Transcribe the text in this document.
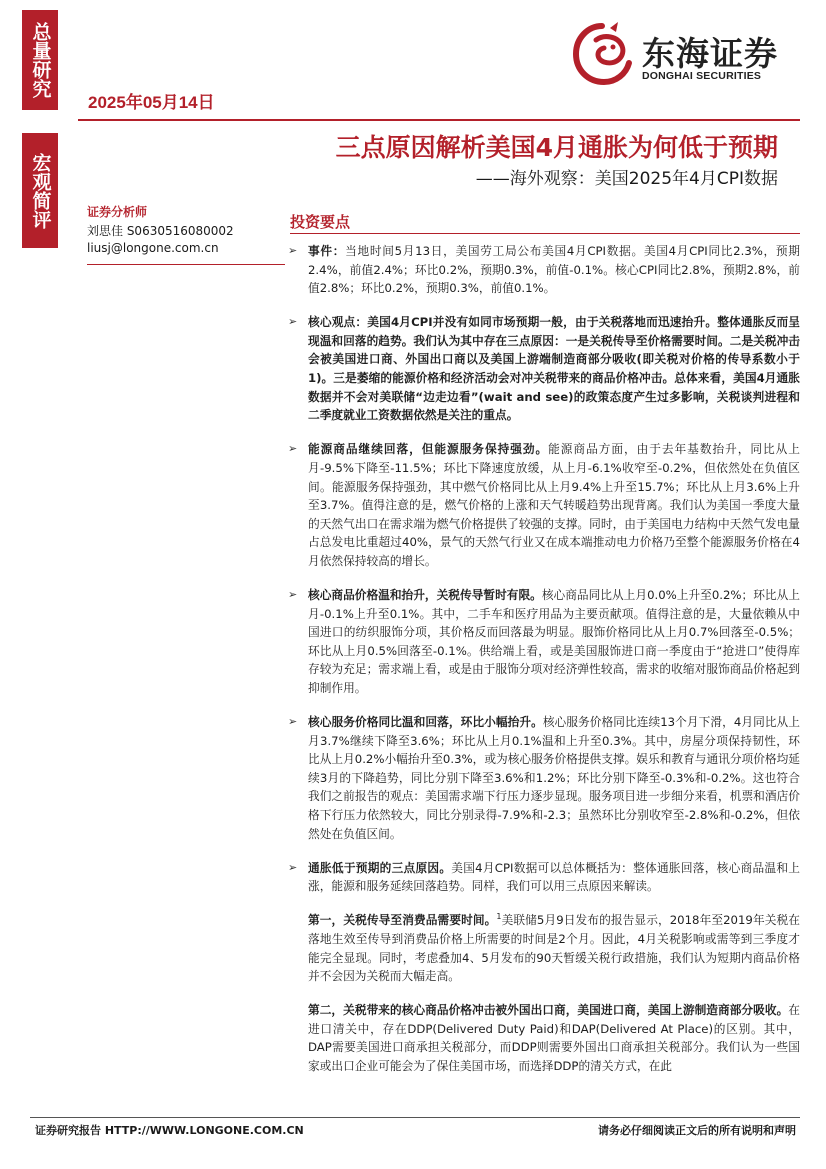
总量研究
宏观简评
2025年05月14日
东海证券
DONGHAI SECURITIES
三点原因解析美国4月通胀为何低于预期
——海外观察：美国2025年4月CPI数据
证券分析师
刘思佳 S0630516080002
liusj@longone.com.cn
投资要点
➢ 事件：当地时间5月13日，美国劳工局公布美国4月CPI数据。美国4月CPI同比2.3%，预期2.4%，前值2.4%；环比0.2%，预期0.3%，前值-0.1%。核心CPI同比2.8%，预期2.8%，前值2.8%；环比0.2%，预期0.3%，前值0.1%。
➢ 核心观点：美国4月CPI并没有如同市场预期一般，由于关税落地而迅速抬升。整体通胀反而呈现温和回落的趋势。我们认为其中存在三点原因：一是关税传导至价格需要时间。二是关税冲击会被美国进口商、外国出口商以及美国上游端制造商部分吸收(即关税对价格的传导系数小于1)。三是萎缩的能源价格和经济活动会对冲关税带来的商品价格冲击。总体来看，美国4月通胀数据并不会对美联储“边走边看”(wait and see)的政策态度产生过多影响，关税谈判进程和二季度就业工资数据依然是关注的重点。
➢ 能源商品继续回落，但能源服务保持强劲。能源商品方面，由于去年基数抬升，同比从上月-9.5%下降至-11.5%；环比下降速度放缓，从上月-6.1%收窄至-0.2%，但依然处在负值区间。能源服务保持强劲，其中燃气价格同比从上月9.4%上升至15.7%；环比从上月3.6%上升至3.7%。值得注意的是，燃气价格的上涨和天气转暖趋势出现背离。我们认为美国一季度大量的天然气出口在需求端为燃气价格提供了较强的支撑。同时，由于美国电力结构中天然气发电量占总发电比重超过40%，景气的天然气行业又在成本端推动电力价格乃至整个能源服务价格在4月依然保持较高的增长。
➢ 核心商品价格温和抬升，关税传导暂时有限。核心商品同比从上月0.0%上升至0.2%；环比从上月-0.1%上升至0.1%。其中，二手车和医疗用品为主要贡献项。值得注意的是，大量依赖从中国进口的纺织服饰分项，其价格反而回落最为明显。服饰价格同比从上月0.7%回落至-0.5%；环比从上月0.5%回落至-0.1%。供给端上看，或是美国服饰进口商一季度由于“抢进口”使得库存较为充足；需求端上看，或是由于服饰分项对经济弹性较高，需求的收缩对服饰商品价格起到抑制作用。
➢ 核心服务价格同比温和回落，环比小幅抬升。核心服务价格同比连续13个月下滑，4月同比从上月3.7%继续下降至3.6%；环比从上月0.1%温和上升至0.3%。其中，房屋分项保持韧性，环比从上月0.2%小幅抬升至0.3%，或为核心服务价格提供支撑。娱乐和教育与通讯分项价格均延续3月的下降趋势，同比分别下降至3.6%和1.2%；环比分别下降至-0.3%和-0.2%。这也符合我们之前报告的观点：美国需求端下行压力逐步显现。服务项目进一步细分来看，机票和酒店价格下行压力依然较大，同比分别录得-7.9%和-2.3；虽然环比分别收窄至-2.8%和-0.2%，但依然处在负值区间。
➢ 通胀低于预期的三点原因。美国4月CPI数据可以总体概括为：整体通胀回落，核心商品温和上涨，能源和服务延续回落趋势。同样，我们可以用三点原因来解读。
第一，关税传导至消费品需要时间。$^1$美联储5月9日发布的报告显示，2018年至2019年关税在落地生效至传导到消费品价格上所需要的时间是2个月。因此，4月关税影响或需等到三季度才能完全显现。同时，考虑叠加4、5月发布的90天暂缓关税行政措施，我们认为短期内商品价格并不会因为关税而大幅走高。
第二，关税带来的核心商品价格冲击被外国出口商，美国进口商，美国上游制造商部分吸收。在进口清关中，存在DDP(Delivered Duty Paid)和DAP(Delivered At Place)的区别。其中，DAP需要美国进口商承担关税部分，而DDP则需要外国出口商承担关税部分。我们认为一些国家或出口企业可能会为了保住美国市场，而选择DDP的清关方式，在此
证券研究报告 HTTP://WWW.LONGONE.COM.CN	请务必仔细阅读正文后的所有说明和声明
